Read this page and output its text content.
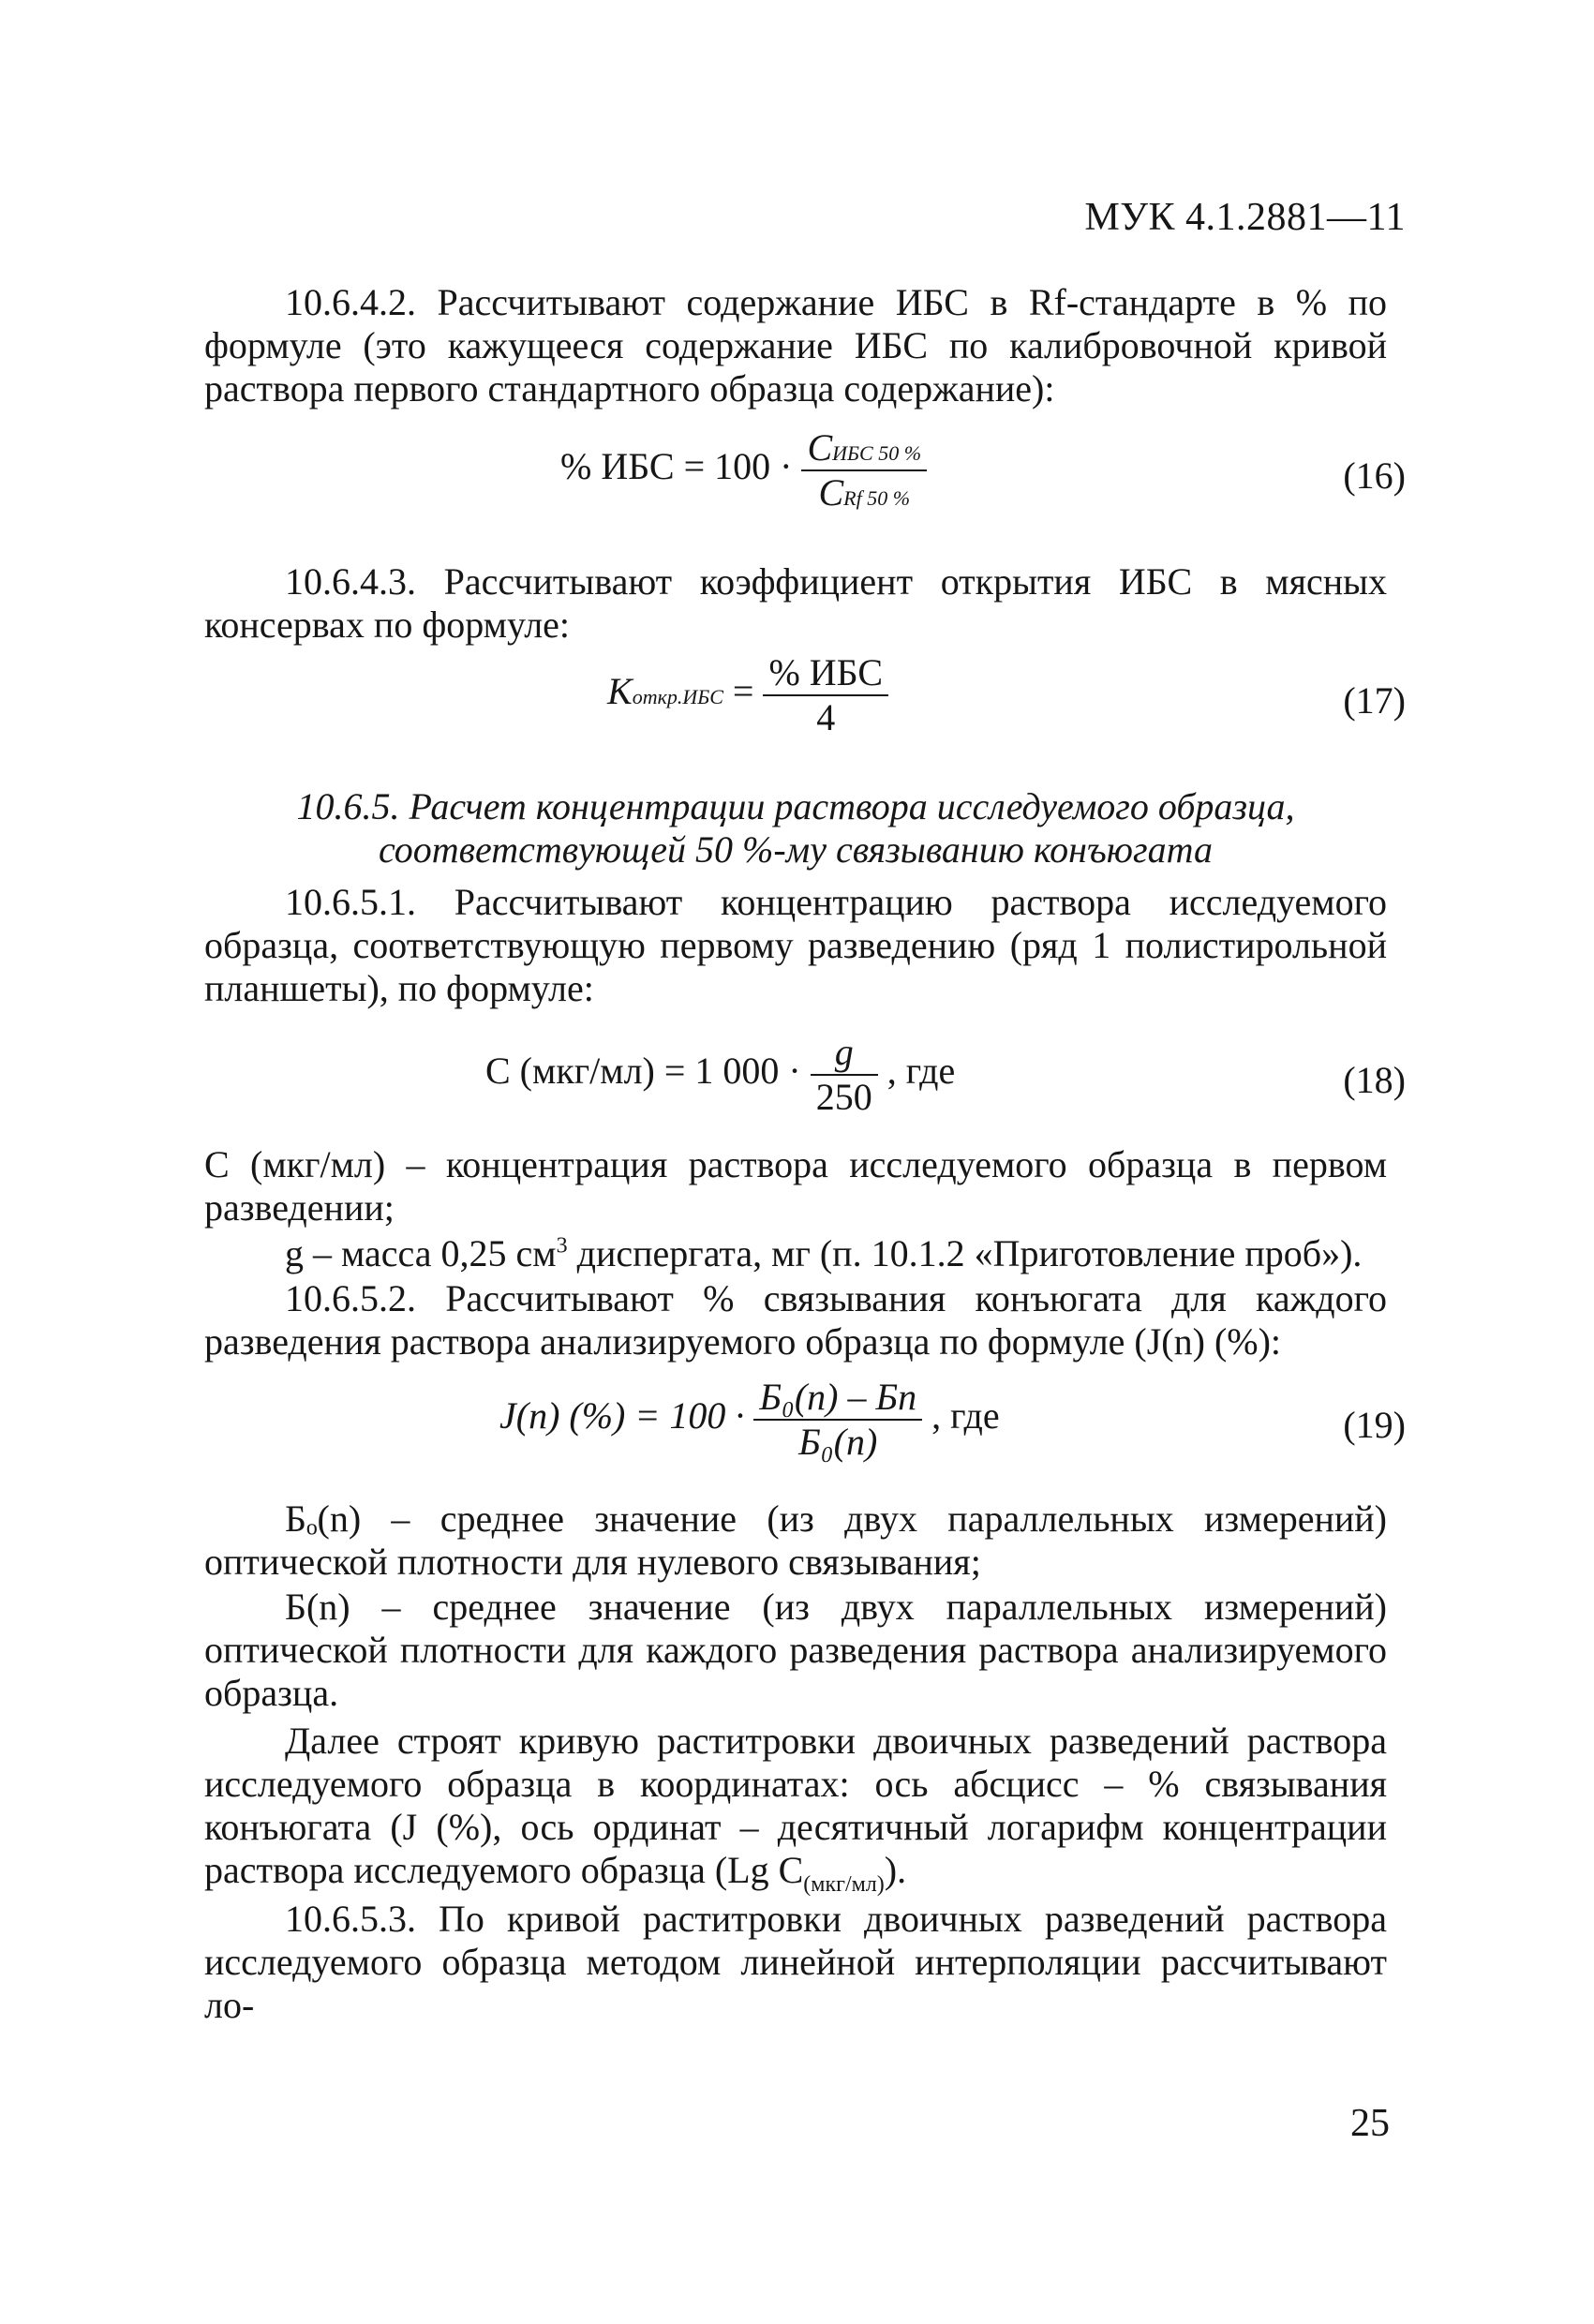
МУК 4.1.2881—11

10.6.4.2. Рассчитывают содержание ИБС в Rf-стандарте в % по формуле (это кажущееся содержание ИБС по калибровочной кривой раствора первого стандартного образца содержание):

% ИБС = 100 · CИБС 50 %
CRf 50 %
(16)

10.6.4.3. Рассчитывают коэффициент открытия ИБС в мясных консервах по формуле:

Kоткр.ИБС = % ИБС
4	(17)
10.6.5. Расчет концентрации раствора исследуемого образца,
соответствующей 50 %-му связыванию конъюгата

10.6.5.1. Рассчитывают концентрацию раствора исследуемого образца, соответствующую первому разведению (ряд 1 полистирольной планшеты), по формуле:

C (мкг/мл) = 1 $000 \cdot \frac{g}{250}$ , где	(18)

C (мкг/мл) – концентрация раствора исследуемого образца в первом разведении;

g – масса 0,25 $см^3$ диспергата, мг (п. 10.1.2 «Приготовление проб»).

10.6.5.2. Рассчитывают % связывания конъюгата для каждого разведения раствора анализируемого образца по формуле (J(n) (%):

J(n) (%) = 100 · Б₀(n) – Бn
Б₀(n)
, где	(19)

Бₒ(n) – среднее значение (из двух параллельных измерений) оптической плотности для нулевого связывания;

Б(n) – среднее значение (из двух параллельных измерений) оптической плотности для каждого разведения раствора анализируемого образца.

Далее строят кривую раститровки двоичных разведений раствора исследуемого образца в координатах: ось абсцисс – % связывания конъюгата (J (%), ось ординат – десятичный логарифм концентрации раствора исследуемого образца (Lg $C_{(мкг/мл)}$).

10.6.5.3. По кривой раститровки двоичных разведений раствора исследуемого образца методом линейной интерполяции рассчитывают ло-

25
